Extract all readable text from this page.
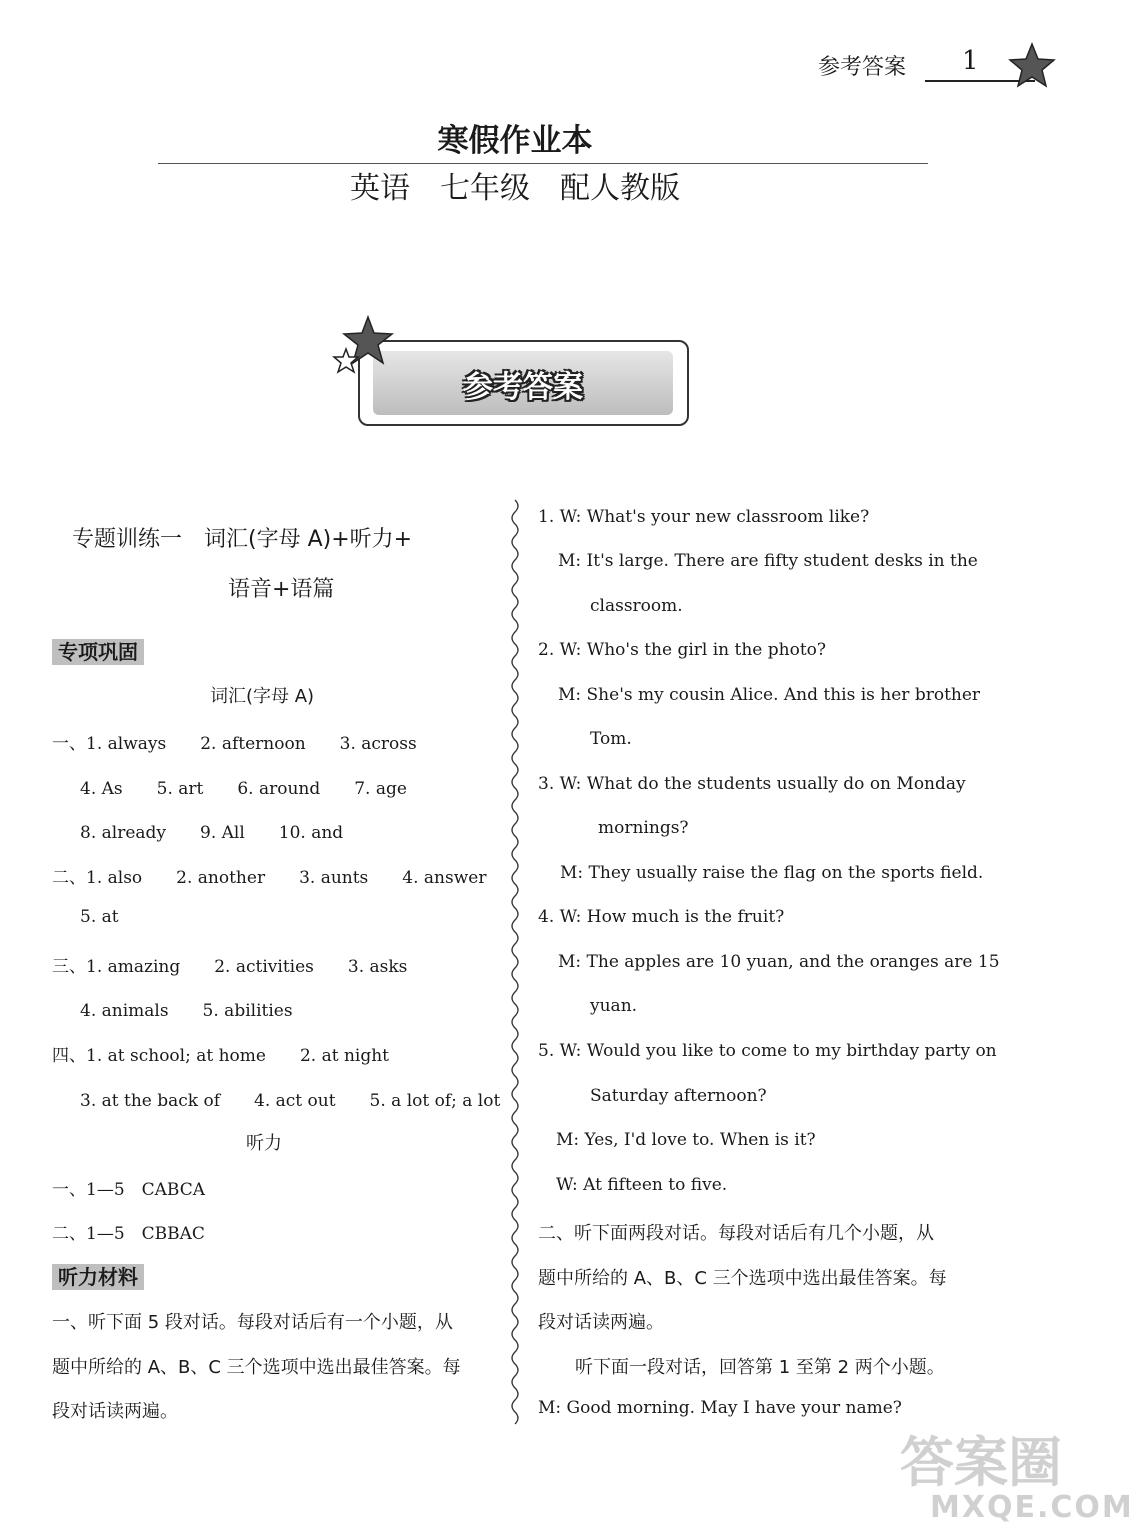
参考答案 1
寒假作业本
英语　七年级　配人教版
参考答案
专题训练一　词汇(字母 A)+听力+
语音+语篇
专项巩固
词汇(字母 A)
一、1. always　　2. afternoon　　3. across
4. As　　5. art　　6. around　　7. age
8. already　　9. All　　10. and
二、1. also　　2. another　　3. aunts　　4. answer
5. at
三、1. amazing　　2. activities　　3. asks
4. animals　　5. abilities
四、1. at school; at home　　2. at night
3. at the back of　　4. act out　　5. a lot of; a lot
听力
一、1—5　CABCA
二、1—5　CBBAC
听力材料
一、听下面 5 段对话。每段对话后有一个小题，从
题中所给的 A、B、C 三个选项中选出最佳答案。每
段对话读两遍。
1. W: What's your new classroom like?
M: It's large. There are fifty student desks in the
classroom.
2. W: Who's the girl in the photo?
M: She's my cousin Alice. And this is her brother
Tom.
3. W: What do the students usually do on Monday
mornings?
M: They usually raise the flag on the sports field.
4. W: How much is the fruit?
M: The apples are 10 yuan, and the oranges are 15
yuan.
5. W: Would you like to come to my birthday party on
Saturday afternoon?
M: Yes, I'd love to. When is it?
W: At fifteen to five.
二、听下面两段对话。每段对话后有几个小题，从
题中所给的 A、B、C 三个选项中选出最佳答案。每
段对话读两遍。
听下面一段对话，回答第 1 至第 2 两个小题。
M: Good morning. May I have your name?
答案圈
MXQE.COM
